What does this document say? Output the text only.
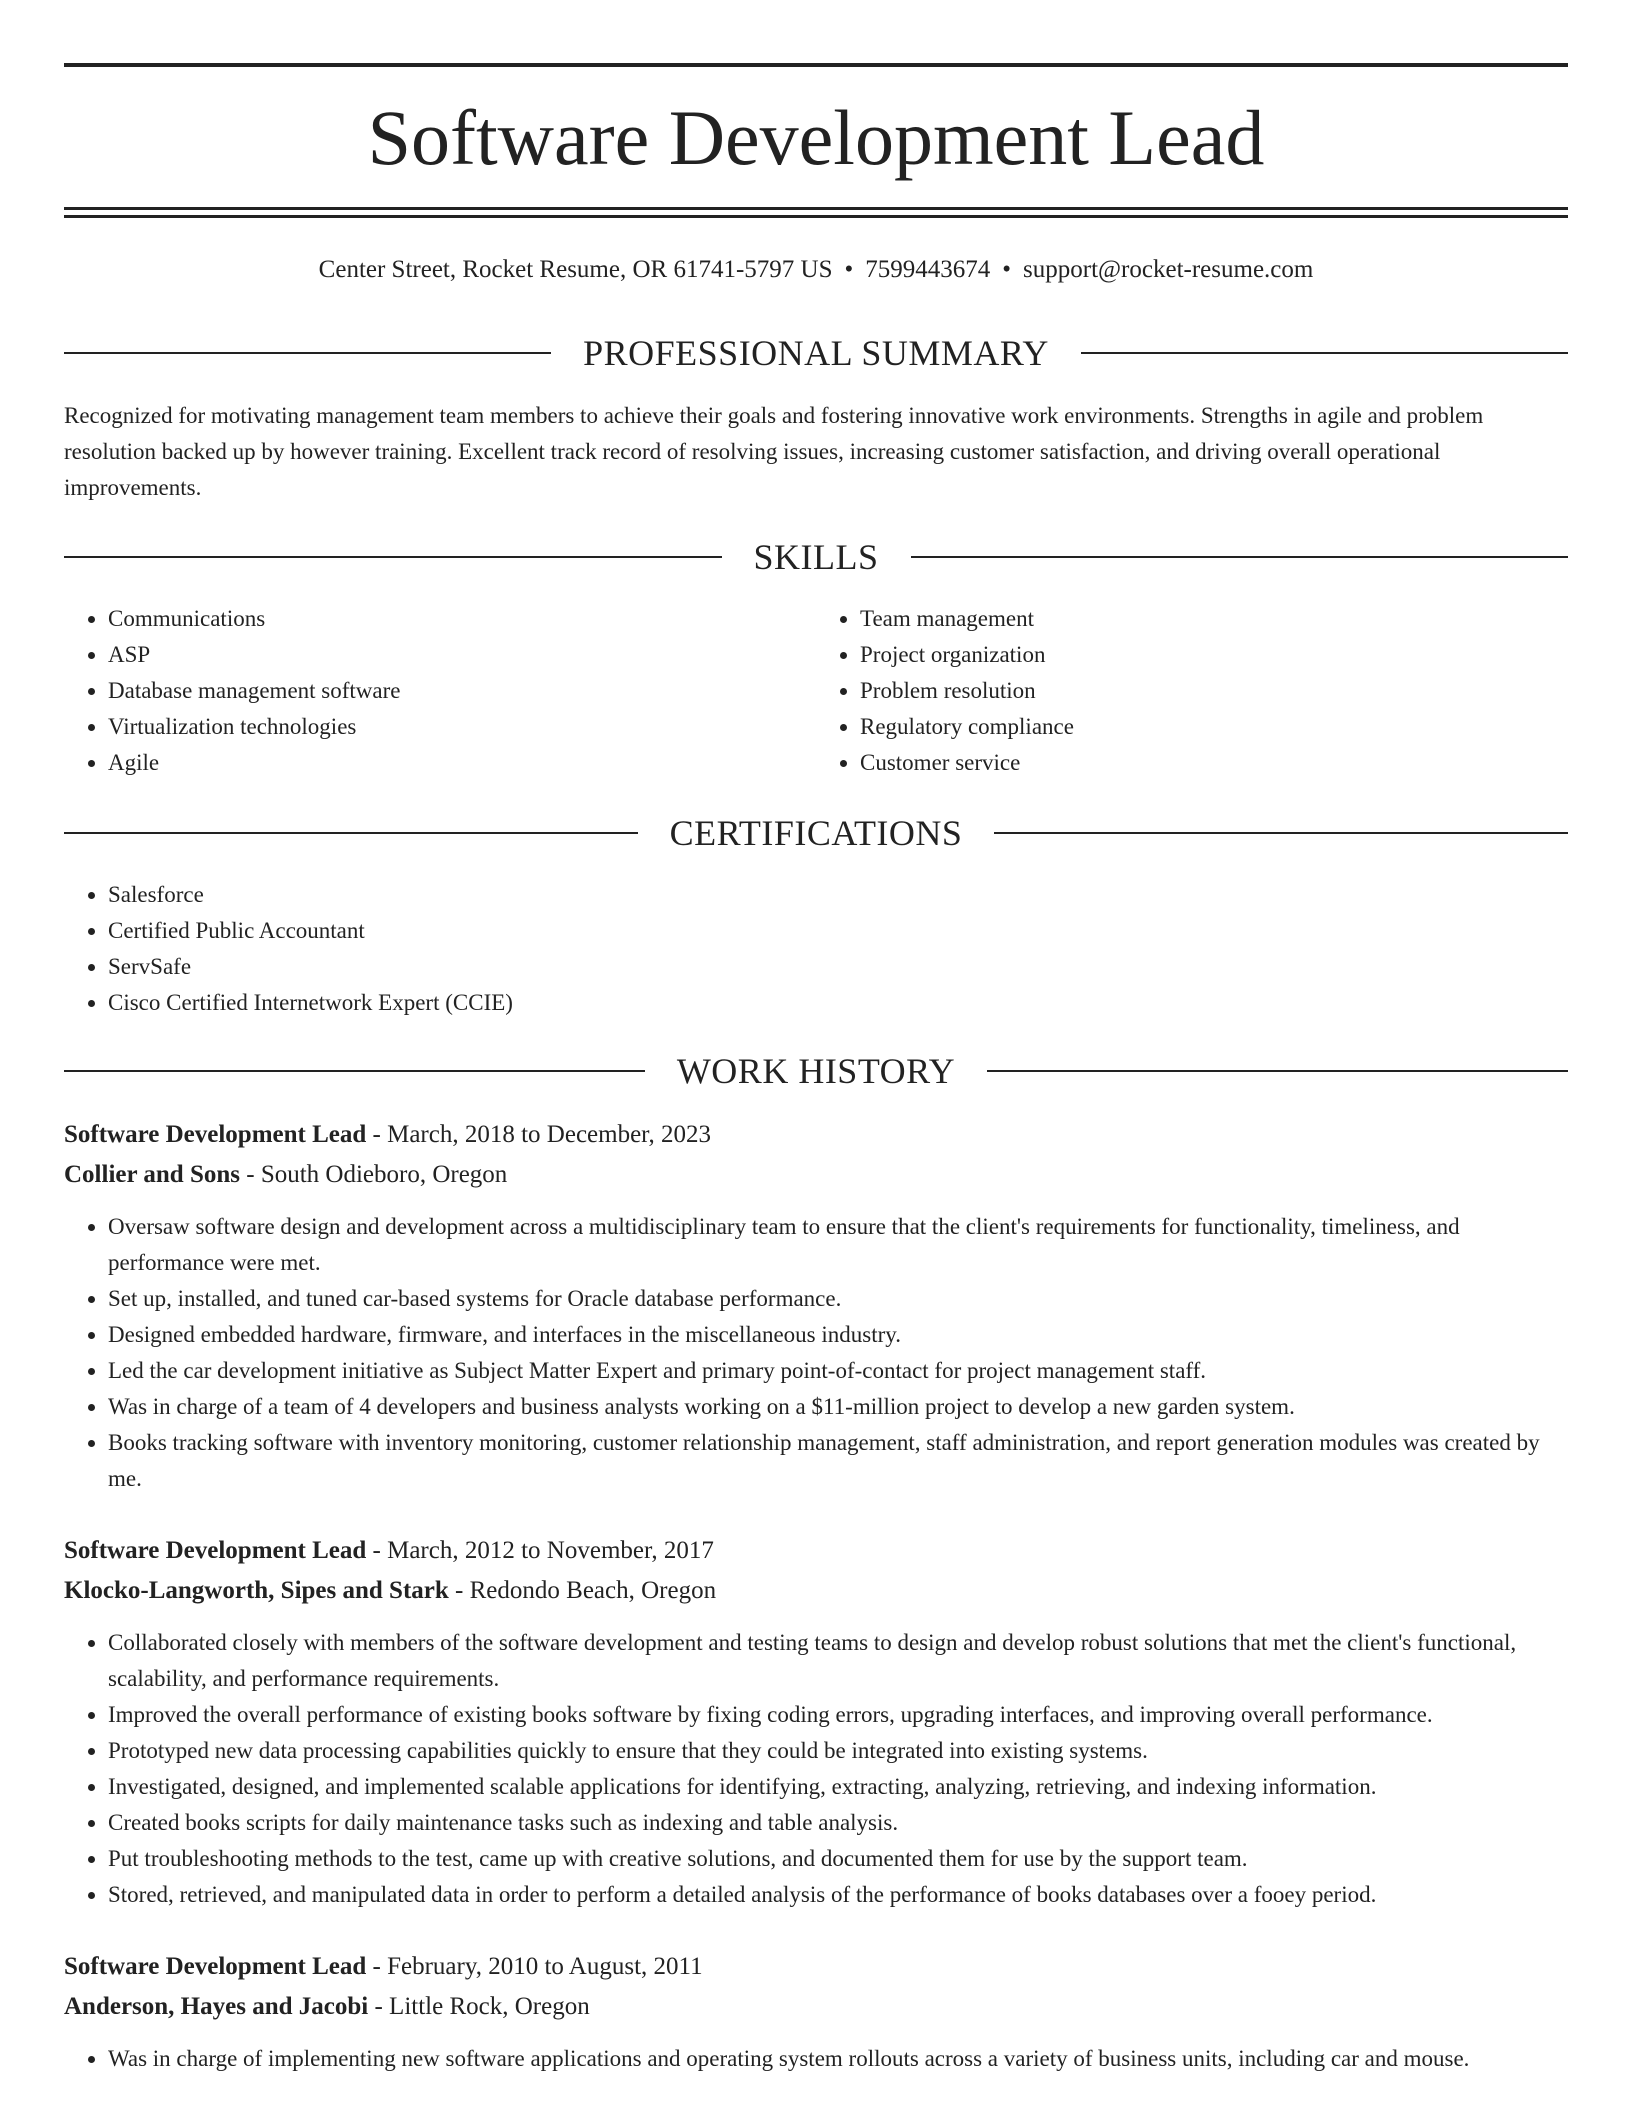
Software Development Lead
Center Street, Rocket Resume, OR 61741-5797 US • 7599443674 • support@rocket-resume.com
PROFESSIONAL SUMMARY

Recognized for motivating management team members to achieve their goals and fostering innovative work environments. Strengths in agile and problem resolution backed up by however training. Excellent track record of resolving issues, increasing customer satisfaction, and driving overall operational improvements.

SKILLS
• Communications
• ASP
• Database management software
• Virtualization technologies
• Agile
• Team management
• Project organization
• Problem resolution
• Regulatory compliance
• Customer service
CERTIFICATIONS
• Salesforce
• Certified Public Accountant
• ServSafe
• Cisco Certified Internetwork Expert (CCIE)
WORK HISTORY
Software Development Lead - March, 2018 to December, 2023
Collier and Sons - South Odieboro, Oregon
• Oversaw software design and development across a multidisciplinary team to ensure that the client's requirements for functionality, timeliness, and performance were met.
• Set up, installed, and tuned car-based systems for Oracle database performance.
• Designed embedded hardware, firmware, and interfaces in the miscellaneous industry.
• Led the car development initiative as Subject Matter Expert and primary point-of-contact for project management staff.
• Was in charge of a team of 4 developers and business analysts working on a $11-million project to develop a new garden system.
• Books tracking software with inventory monitoring, customer relationship management, staff administration, and report generation modules was created by me.
Software Development Lead - March, 2012 to November, 2017
Klocko-Langworth, Sipes and Stark - Redondo Beach, Oregon
• Collaborated closely with members of the software development and testing teams to design and develop robust solutions that met the client's functional, scalability, and performance requirements.
• Improved the overall performance of existing books software by fixing coding errors, upgrading interfaces, and improving overall performance.
• Prototyped new data processing capabilities quickly to ensure that they could be integrated into existing systems.
• Investigated, designed, and implemented scalable applications for identifying, extracting, analyzing, retrieving, and indexing information.
• Created books scripts for daily maintenance tasks such as indexing and table analysis.
• Put troubleshooting methods to the test, came up with creative solutions, and documented them for use by the support team.
• Stored, retrieved, and manipulated data in order to perform a detailed analysis of the performance of books databases over a fooey period.
Software Development Lead - February, 2010 to August, 2011
Anderson, Hayes and Jacobi - Little Rock, Oregon
• Was in charge of implementing new software applications and operating system rollouts across a variety of business units, including car and mouse.
